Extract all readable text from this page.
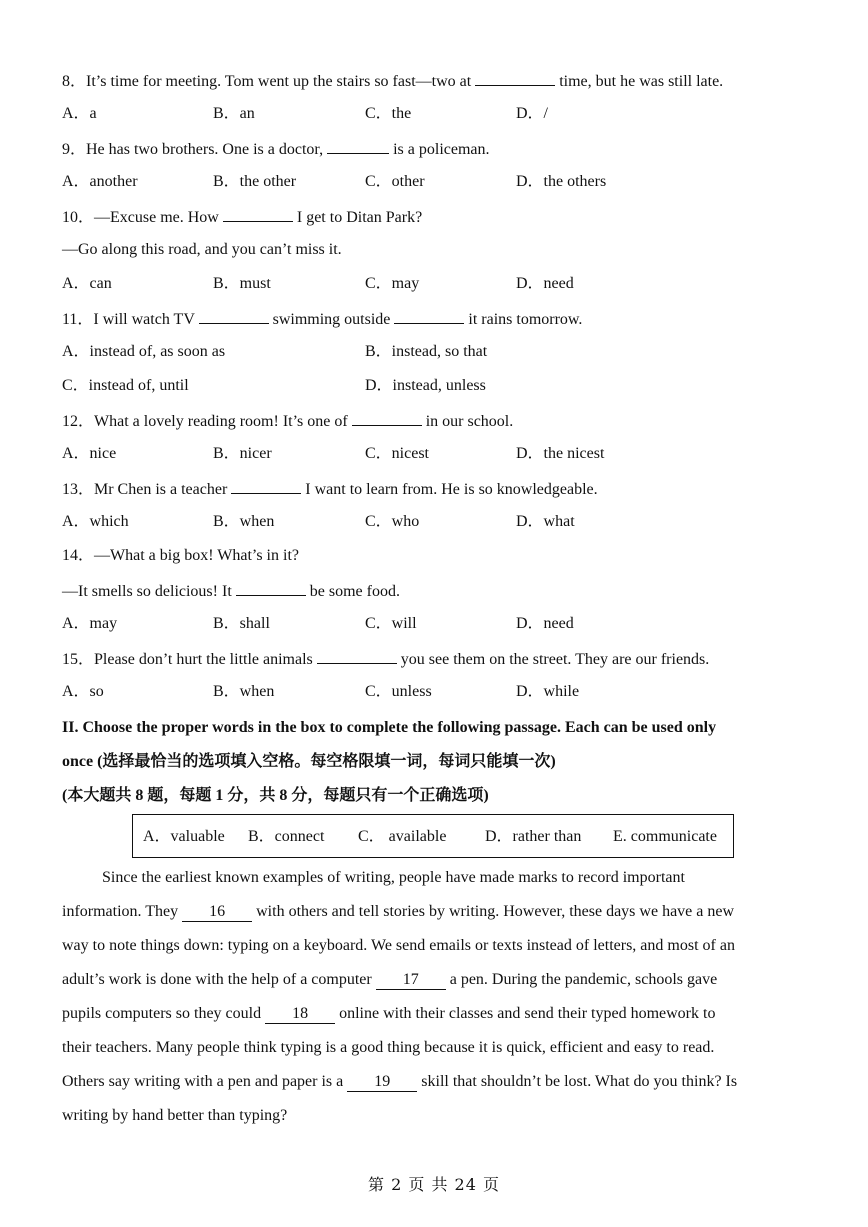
8．It’s time for meeting. Tom went up the stairs so fast—two at	time, but he was still late.
A．a	B．an	C．the	D．/
9．He has two brothers. One is a doctor,	is a policeman.
A．another	B．the other	C．other	D．the others
10．—Excuse me. How	I get to Ditan Park?
—Go along this road, and you can’t miss it.
A．can	B．must	C．may	D．need
11．I will watch TV	swimming outside	it rains tomorrow.
A．instead of, as soon as	B．instead, so that
C．instead of, until	D．instead, unless
12．What a lovely reading room! It’s one of	in our school.
A．nice	B．nicer	C．nicest	D．the nicest
13．Mr Chen is a teacher	I want to learn from. He is so knowledgeable.
A．which	B．when	C．who	D．what
14．—What a big box! What’s in it?
—It smells so delicious! It	be some food.
A．may	B．shall	C．will	D．need
15．Please don’t hurt the little animals	you see them on the street. They are our friends.
A．so	B．when	C．unless	D．while
II. Choose the proper words in the box to complete the following passage. Each can be used only
once (选择最恰当的选项填入空格。每空格限填一词，每词只能填一次)
(本大题共 8 题，每题 1 分，共 8 分，每题只有一个正确选项)
A．valuable B．connect C． available D．rather than E. communicate
Since the earliest known examples of writing, people have made marks to record important
information. They 16 with others and tell stories by writing. However, these days we have a new
way to note things down: typing on a keyboard. We send emails or texts instead of letters, and most of an
adult’s work is done with the help of a computer 17 a pen. During the pandemic, schools gave
pupils computers so they could 18 online with their classes and send their typed homework to
their teachers. Many people think typing is a good thing because it is quick, efficient and easy to read.
Others say writing with a pen and paper is a 19 skill that shouldn’t be lost. What do you think? Is
writing by hand better than typing?
第 2 页 共 24 页
